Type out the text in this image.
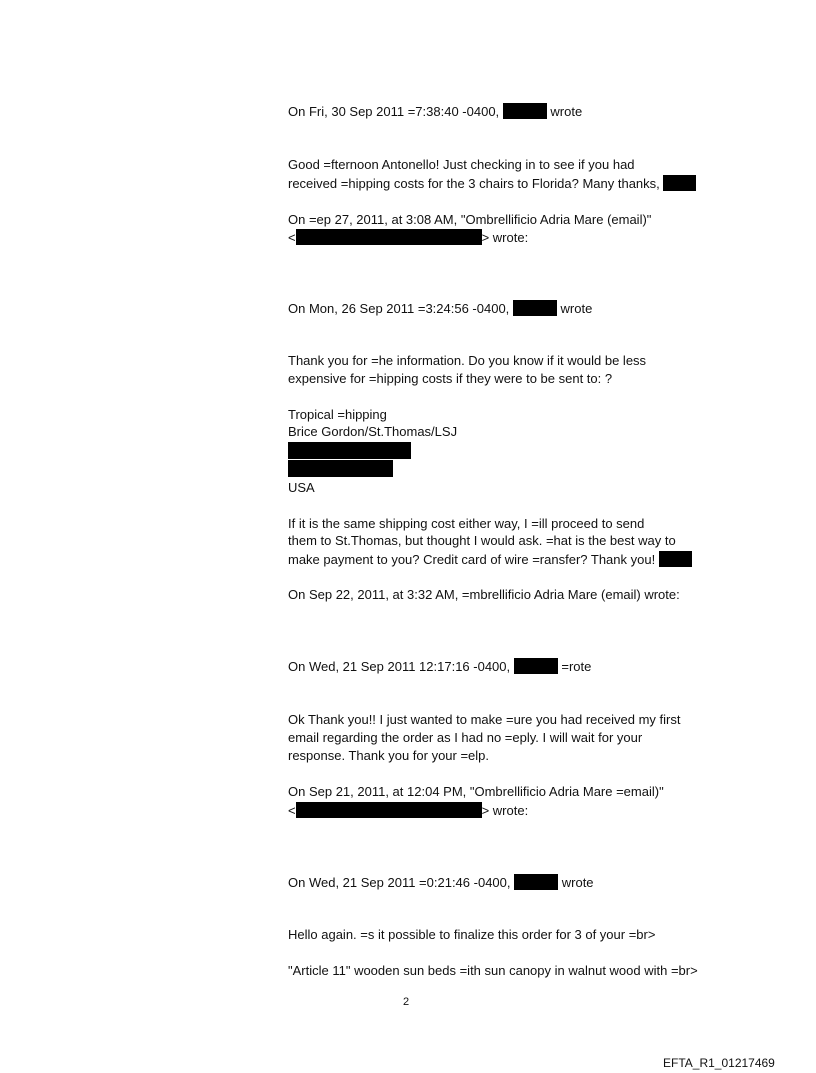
On Fri, 30 Sep 2011 =7:38:40 -0400,	wrote
Good =fternoon Antonello! Just checking in to see if you had
received =hipping costs for the 3 chairs to Florida? Many thanks,
On =ep 27, 2011, at 3:08 AM, "Ombrellificio Adria Mare (email)"
<	> wrote:
On Mon, 26 Sep 2011 =3:24:56 -0400,	wrote
Thank you for =he information. Do you know if it would be less
expensive for =hipping costs if they were to be sent to: ?
Tropical =hipping
Brice Gordon/St.Thomas/LSJ
USA
If it is the same shipping cost either way, I =ill proceed to send
them to St.Thomas, but thought I would ask. =hat is the best way to
make payment to you? Credit card of wire =ransfer? Thank you!
On Sep 22, 2011, at 3:32 AM, =mbrellificio Adria Mare (email) wrote:
On Wed, 21 Sep 2011 12:17:16 -0400,	=rote
Ok Thank you!! I just wanted to make =ure you had received my first
email regarding the order as I had no =eply. I will wait for your
response. Thank you for your =elp.
On Sep 21, 2011, at 12:04 PM, "Ombrellificio Adria Mare =email)"
<	> wrote:
On Wed, 21 Sep 2011 =0:21:46 -0400,	wrote
Hello again. =s it possible to finalize this order for 3 of your =br>
"Article 11" wooden sun beds =ith sun canopy in walnut wood with =br>
2
EFTA_R1_01217469
